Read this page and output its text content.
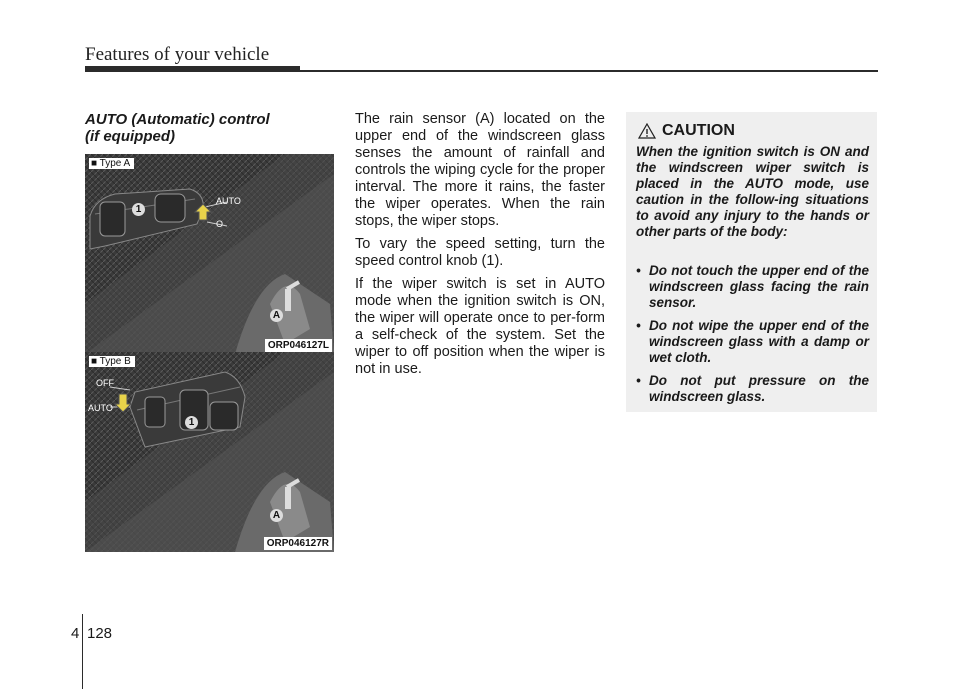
Features of your vehicle
AUTO (Automatic) control
(if equipped)
■ Type A
AUTO
O
1
A
ORP046127L
■ Type B
OFF
AUTO
1
A
ORP046127R

The rain sensor (A) located on the upper end of the windscreen glass senses the amount of rainfall and controls the wiping cycle for the proper interval. The more it rains, the faster the wiper operates. When the rain stops, the wiper stops.

To vary the speed setting, turn the speed control knob (1).

If the wiper switch is set in AUTO mode when the ignition switch is ON, the wiper will operate once to per-form a self-check of the system. Set the wiper to off position when the wiper is not in use.

CAUTION
When the ignition switch is ON and the windscreen wiper switch is placed in the AUTO mode, use caution in the follow-ing situations to avoid any injury to the hands or other parts of the body:
• Do not touch the upper end of the windscreen glass facing the rain sensor.
• Do not wipe the upper end of the windscreen glass with a damp or wet cloth.
• Do not put pressure on the windscreen glass.
4 128
